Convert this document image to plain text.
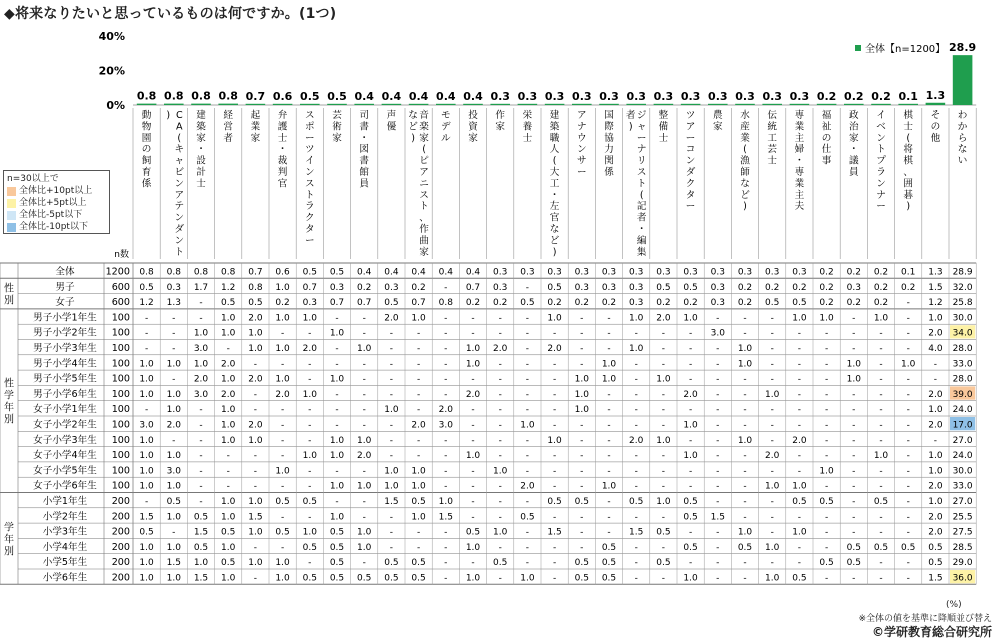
◆将来なりたいと思っているものは何ですか。(1つ)
40%
20%
0%
全体【n=1200】
0.8 0.8 0.8 0.8 0.7 0.6 0.5 0.5 0.4 0.4 0.4 0.4 0.4 0.3 0.3 0.3 0.3 0.3 0.3 0.3 0.3 0.3 0.3 0.3 0.3 0.2 0.2 0.2 0.1 1.3
28.9
動物園の飼育係
C A (キャビンアテンダント)	建築家・設計士
経営者
起業家
弁護士・裁判官
スポーツインストラクター
芸術家
司書・図書館員
声優
音楽家(ピアニスト、作曲家など)
モデル
投資家
作家
栄養士
建築職人(大工・左官など)
アナウンサー
国際協力関係
ジャーナリスト(記者・編集者)
整備士
ツアーコンダクター
農家
水産業(漁師など)
伝統工芸士
専業主婦・専業主夫
福祉の仕事
政治家・議員
イベントプランナー
棋士(将棋、囲碁)
その他
わからない
n数
性別
性学年別
学年別
全体	1200 0.8 0.8 0.8 0.8 0.7 0.6 0.5 0.5 0.4 0.4 0.4 0.4 0.4 0.3 0.3 0.3 0.3 0.3 0.3 0.3 0.3 0.3 0.3 0.3 0.3 0.2 0.2 0.2 0.1 1.3 28.9
男子	600 0.5 0.3 1.7 1.2 0.8 1.0 0.7 0.3 0.2 0.3 0.2 - 0.7 0.3 - 0.5 0.3 0.3 0.3 0.5 0.5 0.3 0.2 0.2 0.2 0.2 0.3 0.2 0.2 1.5 32.0
女子	600 1.2 1.3 - 0.5 0.5 0.2 0.3 0.7 0.7 0.5 0.7 0.8 0.2 0.2 0.5 0.2 0.2 0.2 0.3 0.2 0.2 0.3 0.2 0.5 0.5 0.2 0.2 0.2 - 1.2 25.8
男子小学1年生 100 -	-	- 1.0 2.0 1.0 1.0 -	- 2.0 1.0 -	-	-	- 1.0 -	- 1.0 2.0 1.0 -	-	- 1.0 1.0 - 1.0 - 1.0 30.0
男子小学2年生 100 -	- 1.0 1.0 1.0 -	- 1.0 -	-	-	-	-	-	-	-	-	-	-	-	- 3.0 -	-	-	-	-	-	- 2.0 34.0
男子小学3年生 100 -	- 3.0 - 1.0 1.0 2.0 - 1.0 -	-	- 1.0 2.0 - 2.0 -	- 1.0 -	-	- 1.0 -	-	-	-	-	- 4.0 28.0
男子小学4年生 100 1.0 1.0 1.0 2.0 -	-	-	-	-	-	-	- 1.0 -	-	-	- 1.0 -	-	-	- 1.0 -	-	- 1.0 - 1.0 - 33.0
男子小学5年生 100 1.0 - 2.0 1.0 2.0 1.0 - 1.0 -	-	-	-	-	-	-	- 1.0 1.0 - 1.0 -	-	-	-	-	- 1.0 -	-	- 28.0
男子小学6年生 100 1.0 1.0 3.0 2.0 - 2.0 1.0 -	-	-	-	- 2.0 -	-	- 1.0 -	-	- 2.0 -	- 1.0 -	-	-	-	- 2.0 39.0
女子小学1年生 100 - 1.0 - 1.0 -	-	-	-	- 1.0 - 2.0 -	-	-	- 1.0 -	-	-	-	-	-	-	-	-	-	-	- 1.0 24.0
女子小学2年生 100 3.0 2.0 - 1.0 2.0 -	-	-	-	- 2.0 3.0 -	- 1.0 -	-	-	-	- 1.0 -	-	-	-	-	-	-	- 2.0 17.0
女子小学3年生 100 1.0 -	- 1.0 1.0 -	- 1.0 1.0 -	-	-	-	-	- 1.0 -	- 2.0 1.0 -	- 1.0 - 2.0 -	-	-	-	- 27.0
女子小学4年生 100 1.0 1.0 -	-	-	- 1.0 1.0 2.0 -	-	- 1.0 -	-	-	-	-	-	- 1.0 -	- 2.0 -	-	- 1.0 - 1.0 24.0
女子小学5年生 100 1.0 3.0 -	-	- 1.0 -	-	- 1.0 1.0 -	- 1.0 -	-	-	-	-	-	-	-	-	-	- 1.0 -	-	- 1.0 30.0
女子小学6年生 100 1.0 1.0 -	-	-	-	- 1.0 1.0 1.0 1.0 -	-	- 2.0 -	- 1.0 -	-	-	-	- 1.0 1.0 -	-	-	- 2.0 33.0
小学1年生	200 - 0.5 - 1.0 1.0 0.5 0.5 -	- 1.5 0.5 1.0 -	-	- 0.5 0.5 - 0.5 1.0 0.5 -	-	- 0.5 0.5 - 0.5 - 1.0 27.0
小学2年生	200 1.5 1.0 0.5 1.0 1.5 -	- 1.0 -	- 1.0 1.5 -	- 0.5 -	-	-	-	- 0.5 1.5 -	-	-	-	-	-	- 2.0 25.5
小学3年生	200 0.5 - 1.5 0.5 1.0 0.5 1.0 0.5 1.0 -	-	- 0.5 1.0 - 1.5 -	- 1.5 0.5 -	- 1.0 - 1.0 -	-	-	- 2.0 27.5
小学4年生	200 1.0 1.0 0.5 1.0 -	- 0.5 0.5 1.0 -	-	- 1.0 -	-	-	- 0.5 -	- 0.5 - 0.5 1.0 -	- 0.5 0.5 0.5 0.5 28.5
小学5年生	200 1.0 1.5 1.0 0.5 1.0 1.0 - 0.5 - 0.5 0.5 -	- 0.5 -	- 0.5 0.5 - 0.5 -	-	-	-	- 0.5 0.5 -	- 0.5 29.0
小学6年生	200 1.0 1.0 1.5 1.0 - 1.0 0.5 0.5 0.5 0.5 0.5 - 1.0 - 1.0 - 0.5 0.5 -	- 1.0 -	- 1.0 0.5 -	-	-	- 1.5 36.0
n=30以上で
全体比+10pt以上
全体比+5pt以上
全体比-5pt以下
全体比-10pt以下
(%)
※全体の値を基準に降順並び替え
©学研教育総合研究所
